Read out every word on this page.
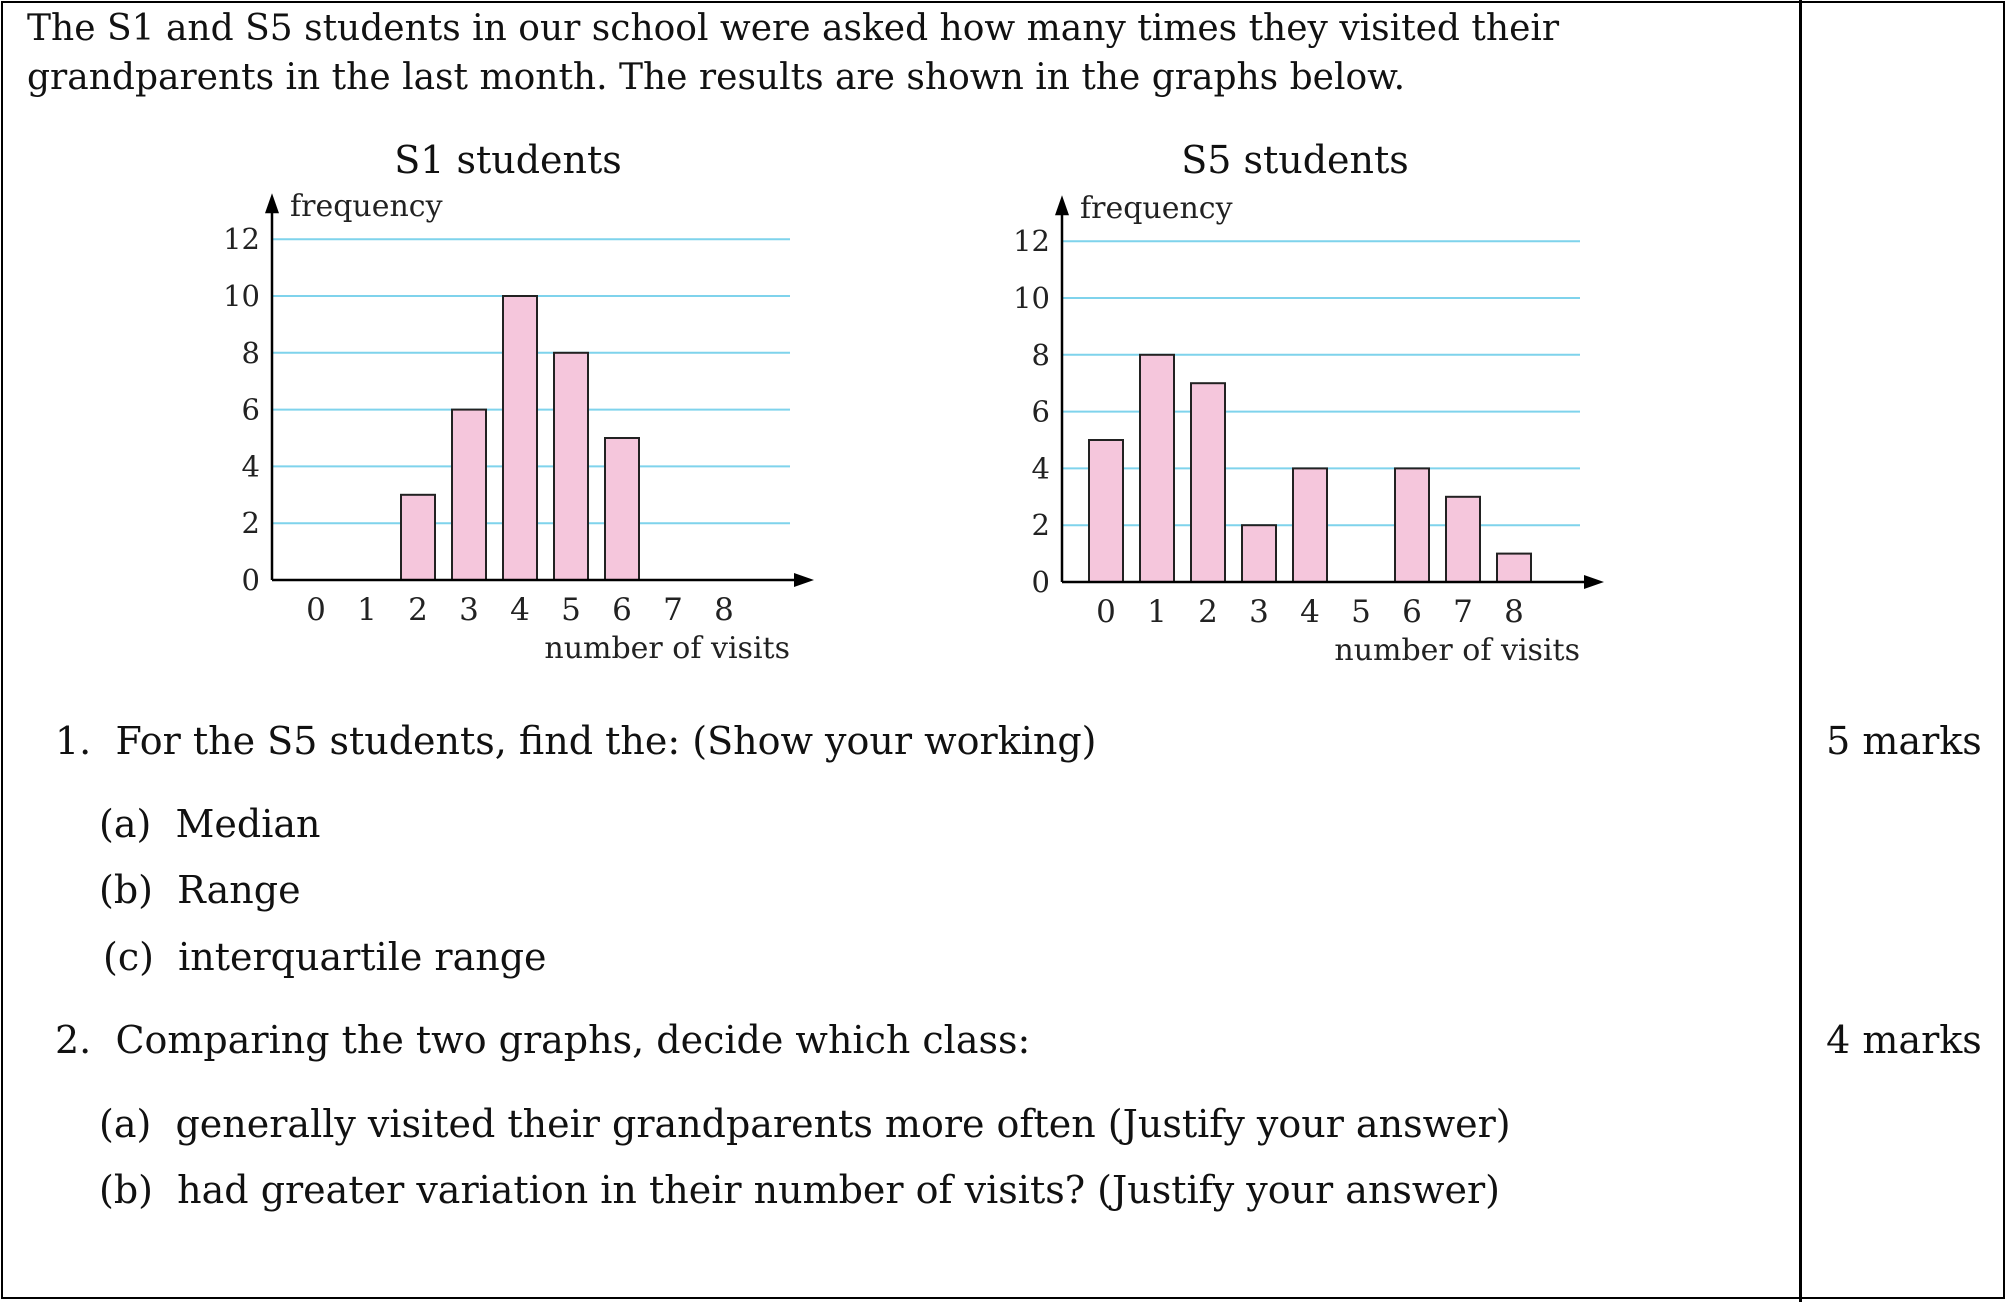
The S1 and S5 students in our school were asked how many times they visited their grandparents in the last month. The results are shown in the graphs below.
S1 students	S5 students
0
2
4
6
8
10
12
0 1 2 3 4 5 6 7 8
frequency
number of visits
0
2
4
6
8
10
12
0 1 2 3 4 5 6 7 8
frequency
number of visits
1. For the S5 students, find the: (Show your working)	5 marks
(a) Median
(b) Range
(c) interquartile range
2. Comparing the two graphs, decide which class:	4 marks
(a) generally visited their grandparents more often (Justify your answer)
(b) had greater variation in their number of visits? (Justify your answer)
